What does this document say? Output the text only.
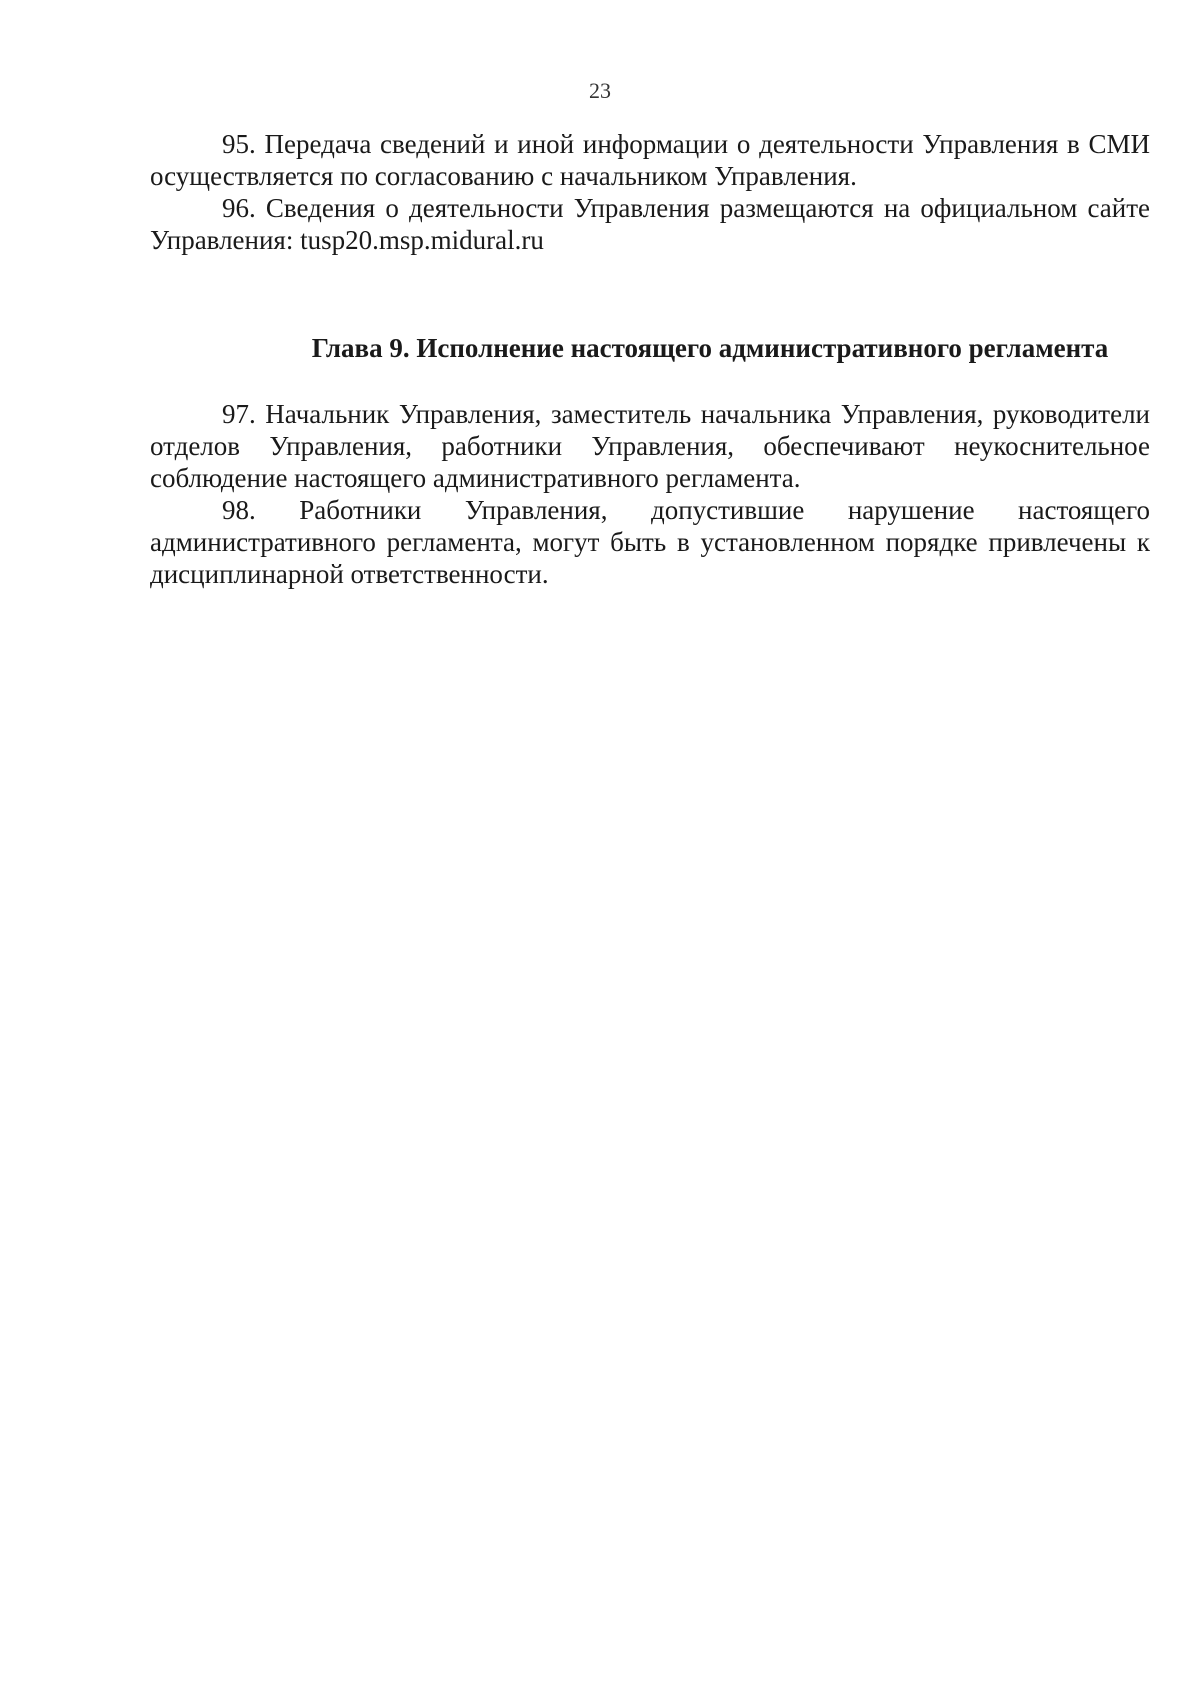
23

95. Передача сведений и иной информации о деятельности Управления в СМИ осуществляется по согласованию с начальником Управления.

96. Сведения о деятельности Управления размещаются на официальном сайте Управления: tusp20.msp.midural.ru

Глава 9. Исполнение настоящего административного регламента

97. Начальник Управления, заместитель начальника Управления, руководители отделов Управления, работники Управления, обеспечивают неукоснительное соблюдение настоящего административного регламента.

98. Работники Управления, допустившие нарушение настоящего административного регламента, могут быть в установленном порядке привлечены к дисциплинарной ответственности.
